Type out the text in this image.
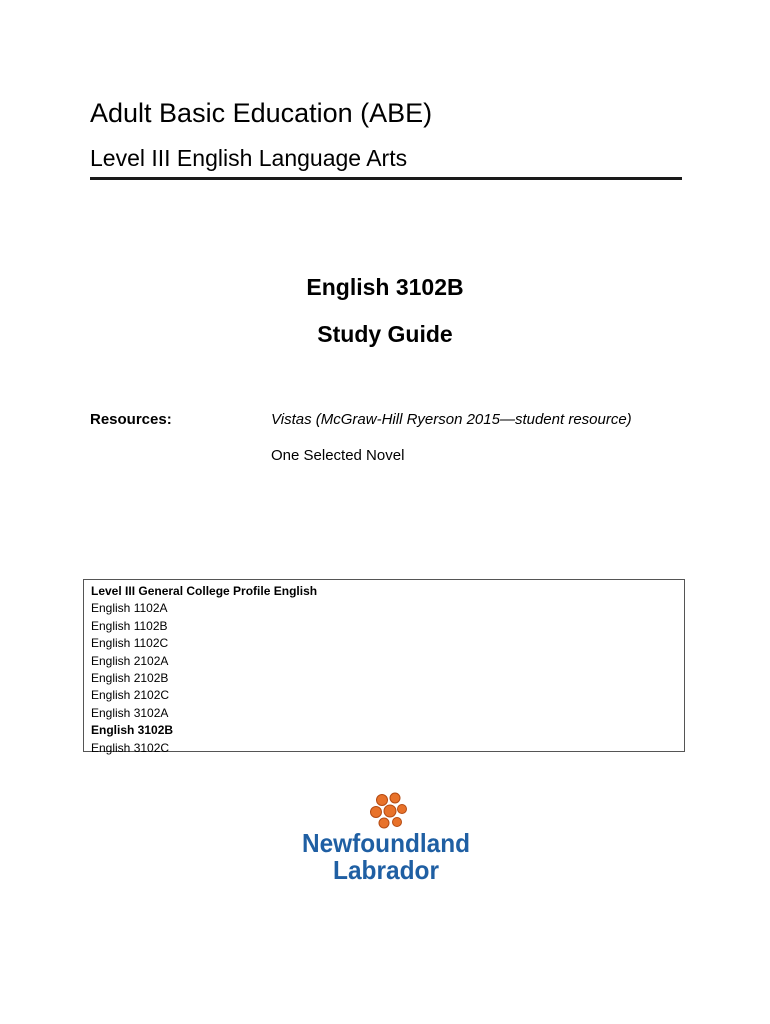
Adult Basic Education (ABE)
Level III English Language Arts
English 3102B
Study Guide
Resources:	Vistas (McGraw-Hill Ryerson 2015—student resource)
One Selected Novel
Level III General College Profile English
English 1102A
English 1102B
English 1102C
English 2102A
English 2102B
English 2102C
English 3102A
English 3102B
English 3102C
Newfoundland
Labrador
